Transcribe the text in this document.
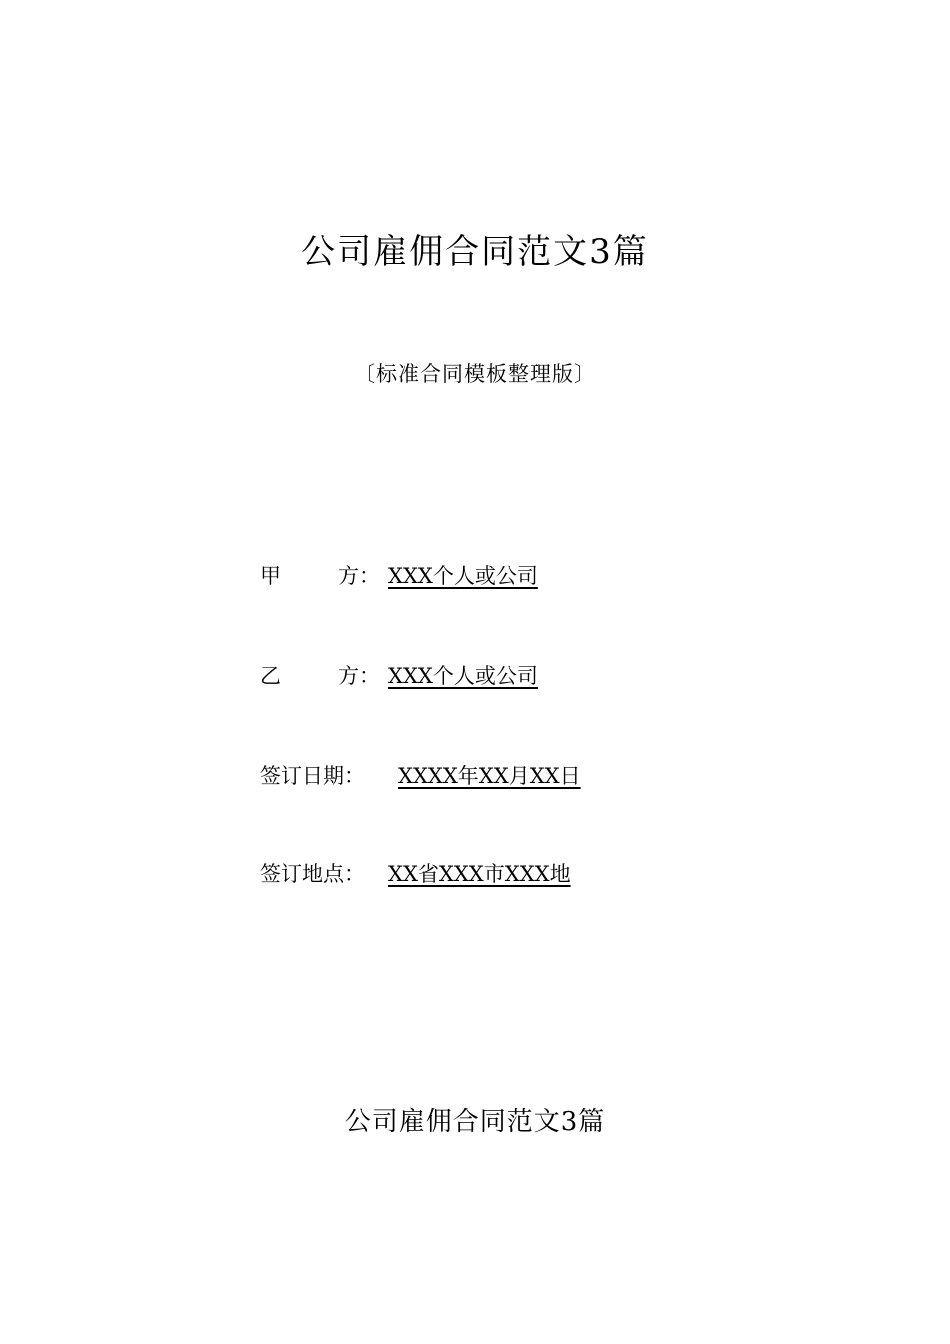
公司雇佣合同范文3篇
〔标准合同模板整理版〕
甲	方： XXX个人或公司
乙	方： XXX个人或公司
签订日期： XXXX年XX月XX日
签订地点： XX省XXX市XXX地
公司雇佣合同范文3篇
